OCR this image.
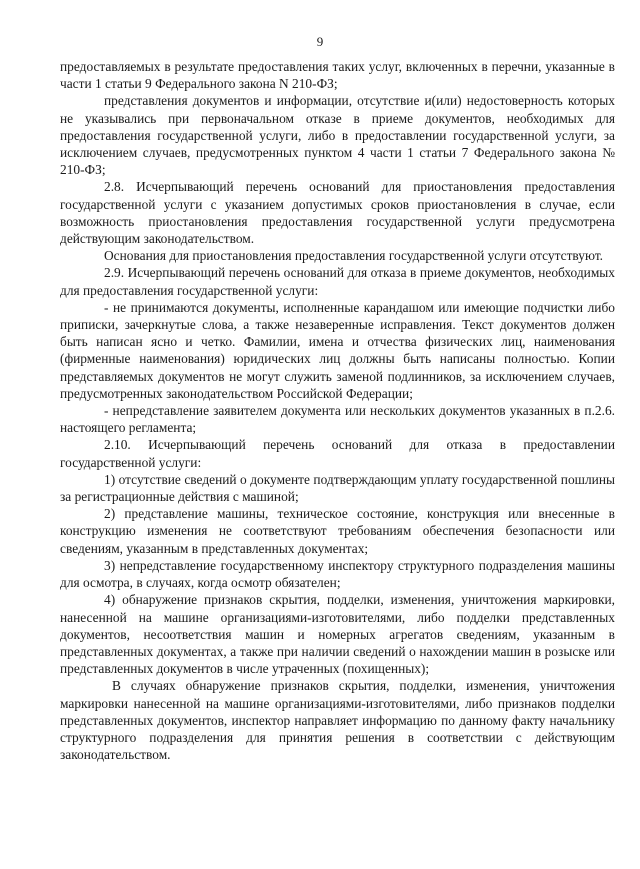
9

предоставляемых в результате предоставления таких услуг, включенных в перечни, указанные в части 1 статьи 9 Федерального закона N 210-ФЗ;

представления документов и информации, отсутствие и(или) недостоверность которых не указывались при первоначальном отказе в приеме документов, необходимых для предоставления государственной услуги, либо в предоставлении государственной услуги, за исключением случаев, предусмотренных пунктом 4 части 1 статьи 7 Федерального закона № 210-ФЗ;

2.8. Исчерпывающий перечень оснований для приостановления предоставления государственной услуги с указанием допустимых сроков приостановления в случае, если возможность приостановления предоставления государственной услуги предусмотрена действующим законодательством.

Основания для приостановления предоставления государственной услуги отсутствуют.

2.9. Исчерпывающий перечень оснований для отказа в приеме документов, необходимых для предоставления государственной услуги:

- не принимаются документы, исполненные карандашом или имеющие подчистки либо приписки, зачеркнутые слова, а также незаверенные исправления. Текст документов должен быть написан ясно и четко. Фамилии, имена и отчества физических лиц, наименования (фирменные наименования) юридических лиц должны быть написаны полностью. Копии представляемых документов не могут служить заменой подлинников, за исключением случаев, предусмотренных законодательством Российской Федерации;

- непредставление заявителем документа или нескольких документов указанных в п.2.6. настоящего регламента;

2.10. Исчерпывающий перечень оснований для отказа в предоставлении государственной услуги:

1) отсутствие сведений о документе подтверждающим уплату государственной пошлины за регистрационные действия с машиной;

2) представление машины, техническое состояние, конструкция или внесенные в конструкцию изменения не соответствуют требованиям обеспечения безопасности или сведениям, указанным в представленных документах;

3) непредставление государственному инспектору структурного подразделения машины для осмотра, в случаях, когда осмотр обязателен;

4) обнаружение признаков скрытия, подделки, изменения, уничтожения маркировки, нанесенной на машине организациями-изготовителями, либо подделки представленных документов, несоответствия машин и номерных агрегатов сведениям, указанным в представленных документах, а также при наличии сведений о нахождении машин в розыске или представленных документов в числе утраченных (похищенных);

В случаях обнаружение признаков скрытия, подделки, изменения, уничтожения маркировки нанесенной на машине организациями-изготовителями, либо признаков подделки представленных документов, инспектор направляет информацию по данному факту начальнику структурного подразделения для принятия решения в соответствии с действующим законодательством.
